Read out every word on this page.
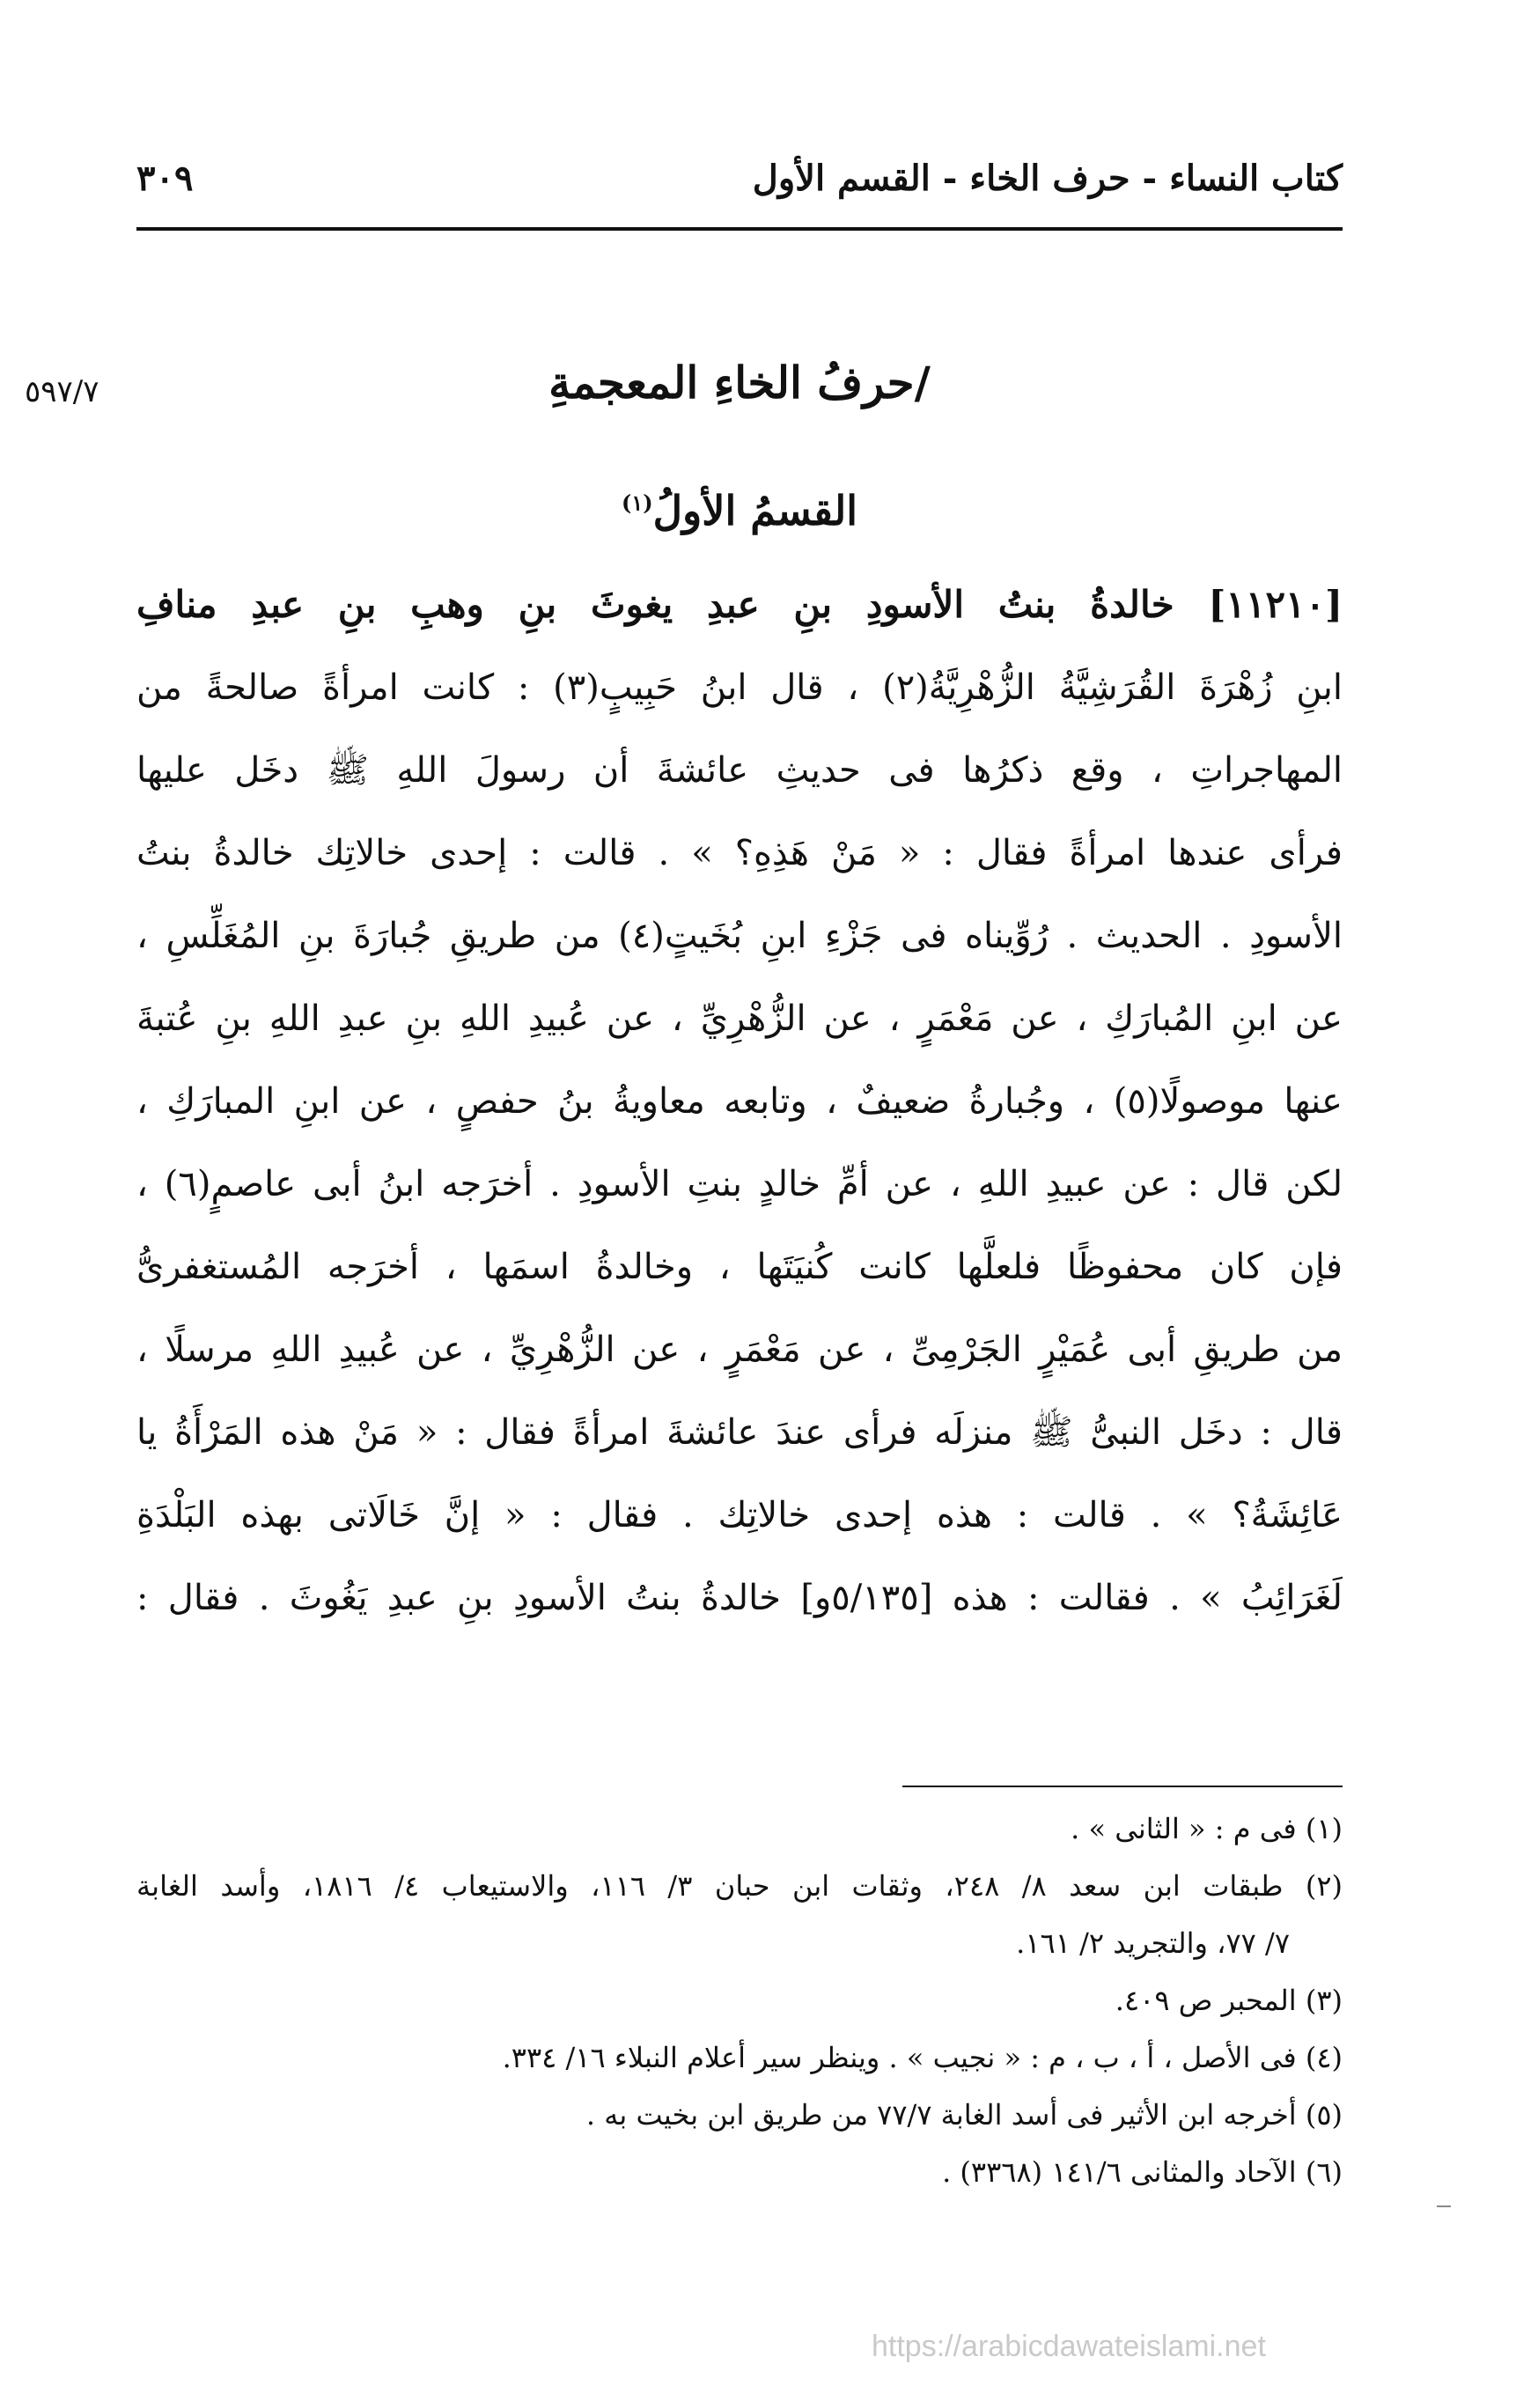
كتاب النساء - حرف الخاء - القسم الأول
٣٠٩
٥٩٧/٧	/حرفُ الخاءِ المعجمةِ
القسمُ الأولُ$^{(١)}$
[١١٢١٠] خالدةُ بنتُ الأسودِ بنِ عبدِ يغوثَ بنِ وهبِ بنِ عبدِ منافِ
ابنِ زُهْرَةَ القُرَشِيَّةُ الزُّهْرِيَّةُ(٢) ، قال ابنُ حَبِيبٍ(٣) : كانت امرأةً صالحةً من
المهاجراتِ ، وقع ذكرُها فى حديثِ عائشةَ أن رسولَ اللهِ ﷺ دخَل عليها
فرأى عندها امرأةً فقال : « مَنْ هَذِهِ؟ » . قالت : إحدى خالاتِك خالدةُ بنتُ
الأسودِ . الحديث . رُوِّيناه فى جَزْءِ ابنِ بُخَيتٍ(٤) من طريقِ جُبارَةَ بنِ المُغَلِّسِ ،
عن ابنِ المُبارَكِ ، عن مَعْمَرٍ ، عن الزُّهْرِيِّ ، عن عُبيدِ اللهِ بنِ عبدِ اللهِ بنِ عُتبةَ
عنها موصولًا(٥) ، وجُبارةُ ضعيفٌ ، وتابعه معاويةُ بنُ حفصٍ ، عن ابنِ المبارَكِ ،
لكن قال : عن عبيدِ اللهِ ، عن أمِّ خالدٍ بنتِ الأسودِ . أخرَجه ابنُ أبى عاصمٍ(٦) ،
فإن كان محفوظًا فلعلَّها كانت كُنيَتَها ، وخالدةُ اسمَها ، أخرَجه المُستغفرىُّ
من طريقِ أبى عُمَيْرٍ الجَرْمِىِّ ، عن مَعْمَرٍ ، عن الزُّهْرِيِّ ، عن عُبيدِ اللهِ مرسلًا ،
قال : دخَل النبىُّ ﷺ منزلَه فرأى عندَ عائشةَ امرأةً فقال : « مَنْ هذه المَرْأَةُ يا
عَائِشَةُ؟ » . قالت : هذه إحدى خالاتِك . فقال : « إنَّ خَالَاتى بهذه البَلْدَةِ
لَغَرَائِبُ » . فقالت : هذه [٥/١٣٥و] خالدةُ بنتُ الأسودِ بنِ عبدِ يَغُوثَ . فقال :
(١) فى م : « الثانى » .
(٢) طبقات ابن سعد ٨/ ٢٤٨، وثقات ابن حبان ٣/ ١١٦، والاستيعاب ٤/ ١٨١٦، وأسد الغابة
٧/ ٧٧، والتجريد ٢/ ١٦١.
(٣) المحبر ص ٤٠٩.
(٤) فى الأصل ، أ ، ب ، م : « نجيب » . وينظر سير أعلام النبلاء ١٦/ ٣٣٤.
(٥) أخرجه ابن الأثير فى أسد الغابة ٧٧/٧ من طريق ابن بخيت به .
(٦) الآحاد والمثانى ١٤١/٦ (٣٣٦٨) .
https://arabicdawateislami.net
